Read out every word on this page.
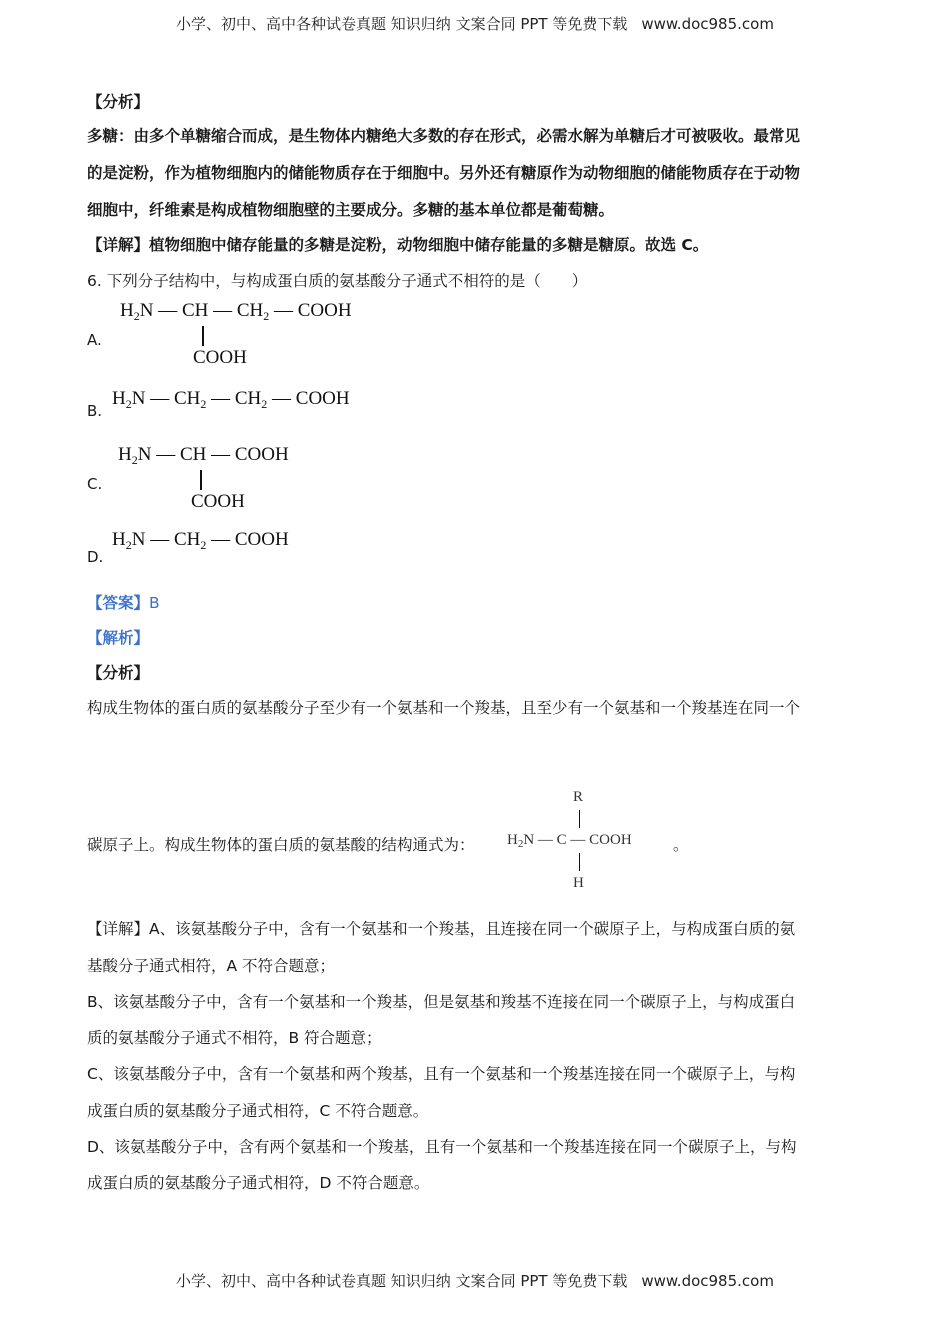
小学、初中、高中各种试卷真题 知识归纳 文案合同 PPT 等免费下载 www.doc985.com
【分析】
多糖：由多个单糖缩合而成，是生物体内糖绝大多数的存在形式，必需水解为单糖后才可被吸收。最常见
的是淀粉，作为植物细胞内的储能物质存在于细胞中。另外还有糖原作为动物细胞的储能物质存在于动物
细胞中，纤维素是构成植物细胞壁的主要成分。多糖的基本单位都是葡萄糖。
【详解】植物细胞中储存能量的多糖是淀粉，动物细胞中储存能量的多糖是糖原。故选 C。
6. 下列分子结构中，与构成蛋白质的氨基酸分子通式不相符的是（　　）
A.
$H_2N$ — CH — $CH_2$ — COOH
COOH
B.
$H_2N$ — $CH_2$ — $CH_2$ — COOH
C.
$H_2N$ — CH — COOH
COOH
D.
$H_2N$ — $CH_2$ — COOH
【答案】B
【解析】
【分析】
构成生物体的蛋白质的氨基酸分子至少有一个氨基和一个羧基，且至少有一个氨基和一个羧基连在同一个
碳原子上。构成生物体的蛋白质的氨基酸的结构通式为：
R
$H_2N$ — C — COOH
H
。
【详解】A、该氨基酸分子中，含有一个氨基和一个羧基，且连接在同一个碳原子上，与构成蛋白质的氨
基酸分子通式相符，A 不符合题意；
B、该氨基酸分子中，含有一个氨基和一个羧基，但是氨基和羧基不连接在同一个碳原子上，与构成蛋白
质的氨基酸分子通式不相符，B 符合题意；
C、该氨基酸分子中，含有一个氨基和两个羧基，且有一个氨基和一个羧基连接在同一个碳原子上，与构
成蛋白质的氨基酸分子通式相符，C 不符合题意。
D、该氨基酸分子中，含有两个氨基和一个羧基，且有一个氨基和一个羧基连接在同一个碳原子上，与构
成蛋白质的氨基酸分子通式相符，D 不符合题意。
小学、初中、高中各种试卷真题 知识归纳 文案合同 PPT 等免费下载 www.doc985.com
